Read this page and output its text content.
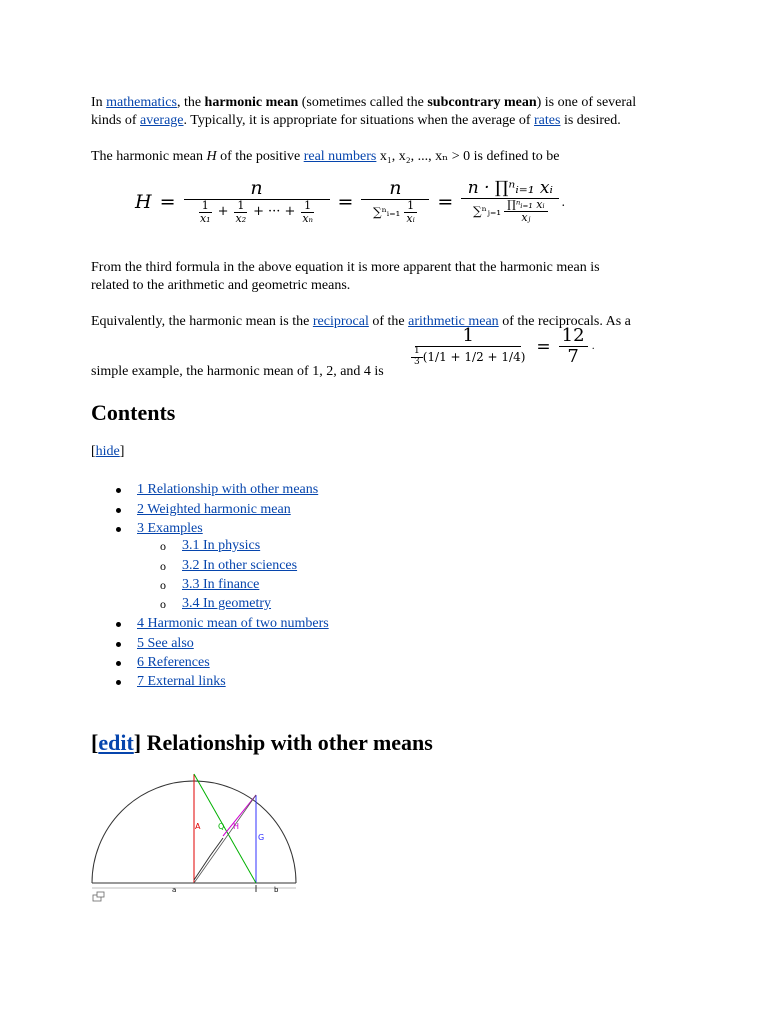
In mathematics, the harmonic mean (sometimes called the subcontrary mean) is one of several
kinds of average. Typically, it is appropriate for situations when the average of rates is desired.
The harmonic mean H of the positive real numbers x₁, x₂, ..., xₙ > 0 is defined to be
$H = \frac{n}{\frac{1}{\text{x₁}} + \frac{1}{\text{x₂}} + \cdot\cdot\cdot + \frac{1}{\text{xₙ}}} = \frac{n}{\sum^nᵢ_{=1} \frac{1}{\text{xᵢ}}} = \frac{\text{n · ∏ⁿᵢ₌₁ xᵢ}}{\sum^nⱼ_{=1} \frac{\text{∏ⁿᵢ₌₁ xᵢ}}{\text{xⱼ}}}$ .
From the third formula in the above equation it is more apparent that the harmonic mean is
related to the arithmetic and geometric means.
Equivalently, the harmonic mean is the reciprocal of the arithmetic mean of the reciprocals. As a
simple example, the harmonic mean of 1, 2, and 4 is
$\frac{1}{\frac{1}{3} (1/1 + 1/2 + 1/4)} = \frac{12}{7}$ .
Contents
[hide]
1 Relationship with other means
2 Weighted harmonic mean
3 Examples
o 3.1 In physics
o 3.2 In other sciences
o 3.3 In finance
o 3.4 In geometry
4 Harmonic mean of two numbers
5 See also
6 References
7 External links
[edit] Relationship with other means
A Q H
G
a	b
